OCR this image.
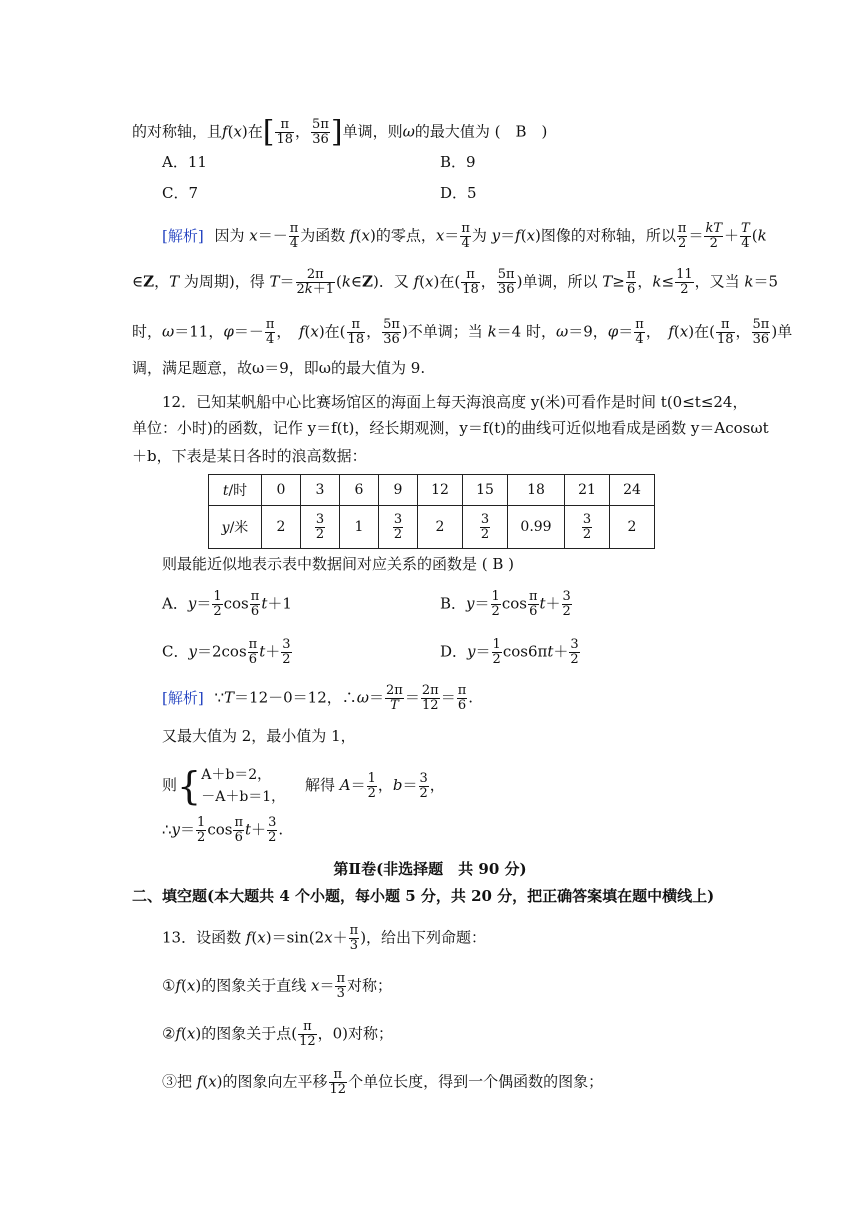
的对称轴，且f(x)在[ $\frac{\pi}{18}$ ， $\frac{5\pi}{36}$ ]单调，则ω的最大值为 (　B　)
A．11	B．9
C．7	D．5
[解析] 因为 $x=- \frac{\pi}{4}$ 为函数 f(x)的零点，$x= \frac{\pi}{4}$ 为 y＝f(x)图像的对称轴，所以 $\frac{\pi}{2} = \frac{kT}{2} + \frac{T}{4} (k$
∈Z，T 为周期)，得 $T= \frac{2\pi}{2k+1}$ (k∈Z)．又 f(x)在( $\frac{\pi}{18}$ ， $\frac{5\pi}{36}$ )单调，所以 $T\ge \frac{\pi}{6}$ ，$k\le \frac{11}{2}$ ，又当 k＝5
时，ω＝11，$\varphi=- \frac{\pi}{4}$ ，　f(x)在( $\frac{\pi}{18}$ ， $\frac{5\pi}{36}$ )不单调；当 k＝4 时，ω＝9，$\varphi= \frac{\pi}{4}$ ，　f(x)在( $\frac{\pi}{18}$ ， $\frac{5\pi}{36}$ )单
调，满足题意，故ω＝9，即ω的最大值为 9.
12．已知某帆船中心比赛场馆区的海面上每天海浪高度 y(米)可看作是时间 t(0≤t≤24，
单位：小时)的函数，记作 y＝f(t)，经长期观测，y＝f(t)的曲线可近似地看成是函数 y＝Acosωt
＋b，下表是某日各时的浪高数据：
t/时	0	3	6	9	12	15	18	21	24
y/米	2	$\frac{3}{2}$	1	$\frac{3}{2}$	2	$\frac{3}{2}$	0.99	$\frac{3}{2}$	2
则最能近似地表示表中数据间对应关系的函数是 ( B )
A．$y= \frac{1}{2}$ $\cos \frac{\pi}{6} t+1$	B．$y= \frac{1}{2}$ $\cos \frac{\pi}{6} t+ \frac{3}{2}$
C．$y=2\cos \frac{\pi}{6} t+ \frac{3}{2}$	D．$y= \frac{1}{2} \cos 6\pi t+ \frac{3}{2}$
[解析] ∵T＝12－0＝12，∴ω＝ $\frac{2\pi}{T} = \frac{2\pi}{12} = \frac{\pi}{6}$ .
又最大值为 2，最小值为 1，
则{ A＋b＝2，
－A＋b＝1，
　解得 $A= \frac{1}{2}$ ，$b= \frac{3}{2}$ ，
∴y＝ $\frac{1}{2}$ $\cos \frac{\pi}{6} t+ \frac{3}{2}$ .
第Ⅱ卷(非选择题　共 90 分)
二、填空题(本大题共 4 个小题，每小题 5 分，共 20 分，把正确答案填在题中横线上)
13．设函数 $f(x)=\sin(2x+ \frac{\pi}{3}$ )，给出下列命题：
①f(x)的图象关于直线 $x= \frac{\pi}{3}$ 对称；
②f(x)的图象关于点( $\frac{\pi}{12}$ ，0)对称；
③把 f(x)的图象向左平移 $\frac{\pi}{12}$ 个单位长度，得到一个偶函数的图象；
